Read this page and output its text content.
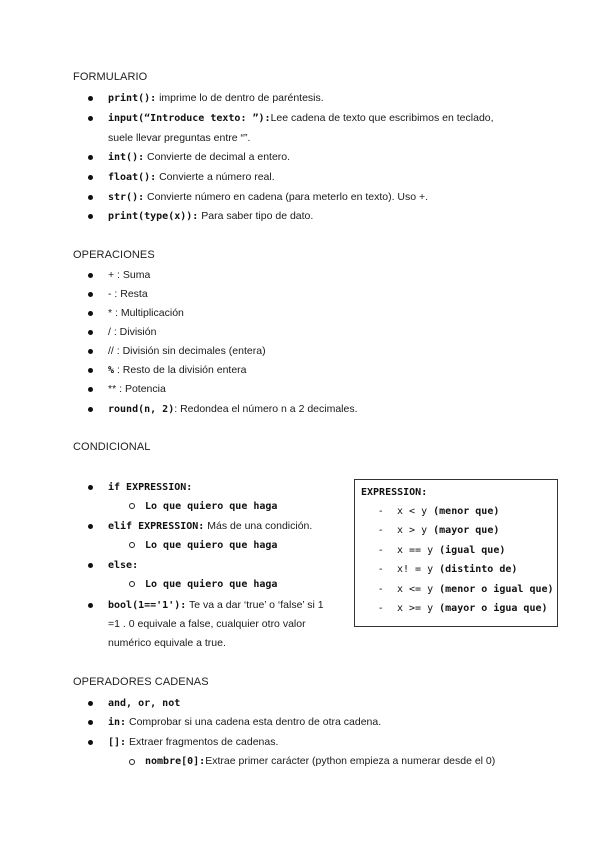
FORMULARIO
print(): imprime lo de dentro de paréntesis.
input(“Introduce texto: ”):Lee cadena de texto que escribimos en teclado,
suele llevar preguntas entre “”.
int(): Convierte de decimal a entero.
float(): Convierte a número real.
str(): Convierte número en cadena (para meterlo en texto). Uso +.
print(type(x)): Para saber tipo de dato.
OPERACIONES
+ : Suma
- : Resta
* : Multiplicación
/ : División
// : División sin decimales (entera)
% : Resto de la división entera
** : Potencia
round(n, 2): Redondea el número n a 2 decimales.
CONDICIONAL
if EXPRESSION:
Lo que quiero que haga
elif EXPRESSION: Más de una condición.
Lo que quiero que haga
else:
Lo que quiero que haga
bool(1=='1'): Te va a dar ‘true’ o ‘false’ si 1
=1 . 0 equivale a false, cualquier otro valor
numérico equivale a true.
EXPRESSION:
- x < y (menor que)
- x > y (mayor que)
- x == y (igual que)
- x! = y (distinto de)
- x <= y (menor o igual que)
- x >= y (mayor o igua que)
OPERADORES CADENAS
and, or, not
in: Comprobar si una cadena esta dentro de otra cadena.
[]: Extraer fragmentos de cadenas.
nombre[0]:Extrae primer carácter (python empieza a numerar desde el 0)
